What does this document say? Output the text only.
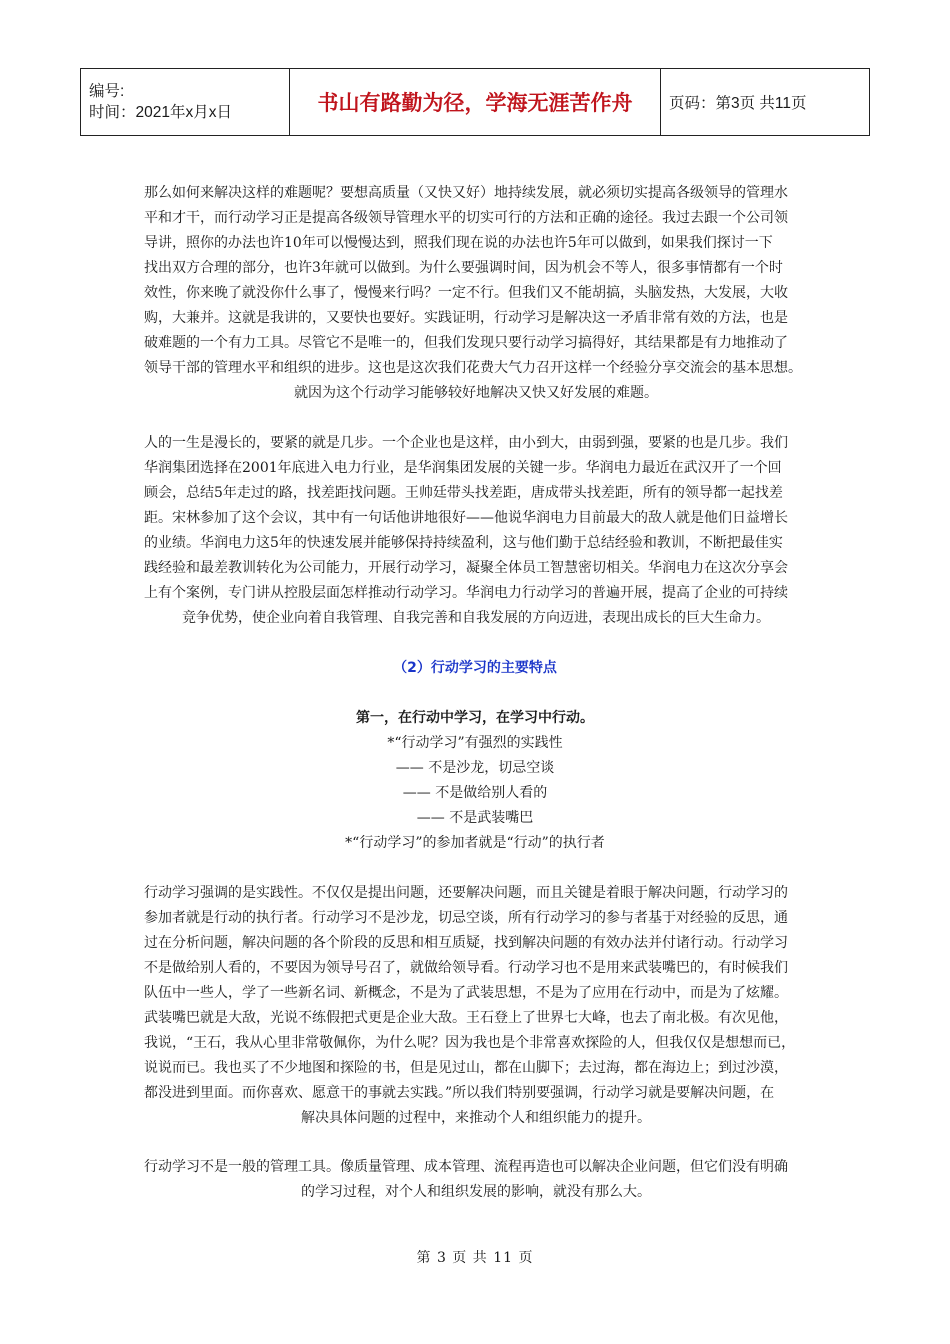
编号:
时间：2021年x月x日	书山有路勤为径，学海无涯苦作舟	页码：第3页 共11页

那么如何来解决这样的难题呢？要想高质量（又快又好）地持续发展，就必须切实提高各级领导的管理水

平和才干，而行动学习正是提高各级领导管理水平的切实可行的方法和正确的途径。我过去跟一个公司领

导讲，照你的办法也许10年可以慢慢达到，照我们现在说的办法也许5年可以做到，如果我们探讨一下

找出双方合理的部分，也许3年就可以做到。为什么要强调时间，因为机会不等人，很多事情都有一个时

效性，你来晚了就没你什么事了，慢慢来行吗？一定不行。但我们又不能胡搞，头脑发热，大发展，大收

购，大兼并。这就是我讲的，又要快也要好。实践证明，行动学习是解决这一矛盾非常有效的方法，也是

破难题的一个有力工具。尽管它不是唯一的，但我们发现只要行动学习搞得好，其结果都是有力地推动了

领导干部的管理水平和组织的进步。这也是这次我们花费大气力召开这样一个经验分享交流会的基本思想。

就因为这个行动学习能够较好地解决又快又好发展的难题。

人的一生是漫长的，要紧的就是几步。一个企业也是这样，由小到大，由弱到强，要紧的也是几步。我们

华润集团选择在2001年底进入电力行业，是华润集团发展的关键一步。华润电力最近在武汉开了一个回

顾会，总结5年走过的路，找差距找问题。王帅廷带头找差距，唐成带头找差距，所有的领导都一起找差

距。宋林参加了这个会议，其中有一句话他讲地很好——他说华润电力目前最大的敌人就是他们日益增长

的业绩。华润电力这5年的快速发展并能够保持持续盈利，这与他们勤于总结经验和教训，不断把最佳实

践经验和最差教训转化为公司能力，开展行动学习，凝聚全体员工智慧密切相关。华润电力在这次分享会

上有个案例，专门讲从控股层面怎样推动行动学习。华润电力行动学习的普遍开展，提高了企业的可持续

竞争优势，使企业向着自我管理、自我完善和自我发展的方向迈进，表现出成长的巨大生命力。

（2）行动学习的主要特点
第一，在行动中学习，在学习中行动。
*“行动学习”有强烈的实践性
—— 不是沙龙，切忌空谈
—— 不是做给别人看的
—— 不是武装嘴巴
*“行动学习”的参加者就是“行动”的执行者

行动学习强调的是实践性。不仅仅是提出问题，还要解决问题，而且关键是着眼于解决问题，行动学习的

参加者就是行动的执行者。行动学习不是沙龙，切忌空谈，所有行动学习的参与者基于对经验的反思，通

过在分析问题，解决问题的各个阶段的反思和相互质疑，找到解决问题的有效办法并付诸行动。行动学习

不是做给别人看的，不要因为领导号召了，就做给领导看。行动学习也不是用来武装嘴巴的，有时候我们

队伍中一些人，学了一些新名词、新概念，不是为了武装思想，不是为了应用在行动中，而是为了炫耀。

武装嘴巴就是大敌，光说不练假把式更是企业大敌。王石登上了世界七大峰，也去了南北极。有次见他，

我说，“王石，我从心里非常敬佩你，为什么呢？因为我也是个非常喜欢探险的人，但我仅仅是想想而已，

说说而已。我也买了不少地图和探险的书，但是见过山，都在山脚下；去过海，都在海边上；到过沙漠，

都没进到里面。而你喜欢、愿意干的事就去实践。”所以我们特别要强调，行动学习就是要解决问题，在

解决具体问题的过程中，来推动个人和组织能力的提升。

行动学习不是一般的管理工具。像质量管理、成本管理、流程再造也可以解决企业问题，但它们没有明确

的学习过程，对个人和组织发展的影响，就没有那么大。

第 3 页 共 11 页
